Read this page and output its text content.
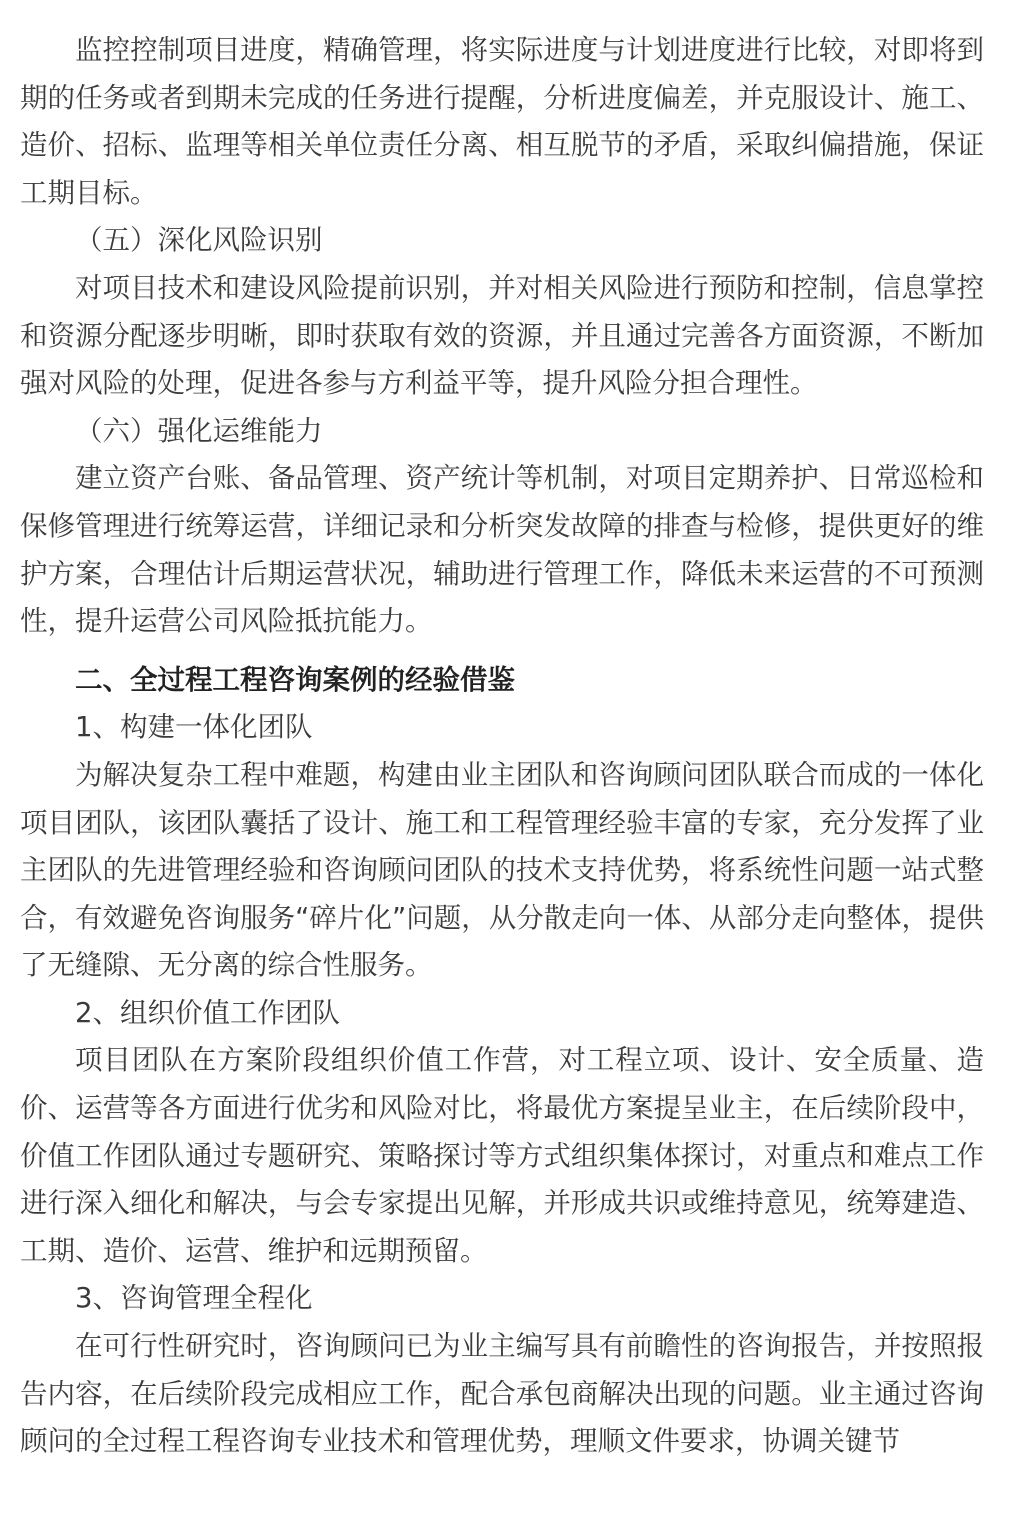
监控控制项目进度，精确管理，将实际进度与计划进度进行比较，对即将到期的任务或者到期未完成的任务进行提醒，分析进度偏差，并克服设计、施工、造价、招标、监理等相关单位责任分离、相互脱节的矛盾，采取纠偏措施，保证工期目标。

（五）深化风险识别

对项目技术和建设风险提前识别，并对相关风险进行预防和控制，信息掌控和资源分配逐步明晰，即时获取有效的资源，并且通过完善各方面资源，不断加强对风险的处理，促进各参与方利益平等，提升风险分担合理性。

（六）强化运维能力

建立资产台账、备品管理、资产统计等机制，对项目定期养护、日常巡检和保修管理进行统筹运营，详细记录和分析突发故障的排查与检修，提供更好的维护方案，合理估计后期运营状况，辅助进行管理工作，降低未来运营的不可预测性，提升运营公司风险抵抗能力。

二、全过程工程咨询案例的经验借鉴

1、构建一体化团队

为解决复杂工程中难题，构建由业主团队和咨询顾问团队联合而成的一体化项目团队，该团队囊括了设计、施工和工程管理经验丰富的专家，充分发挥了业主团队的先进管理经验和咨询顾问团队的技术支持优势，将系统性问题一站式整合，有效避免咨询服务“碎片化”问题，从分散走向一体、从部分走向整体，提供了无缝隙、无分离的综合性服务。

2、组织价值工作团队

项目团队在方案阶段组织价值工作营，对工程立项、设计、安全质量、造价、运营等各方面进行优劣和风险对比，将最优方案提呈业主，在后续阶段中，价值工作团队通过专题研究、策略探讨等方式组织集体探讨，对重点和难点工作进行深入细化和解决，与会专家提出见解，并形成共识或维持意见，统筹建造、工期、造价、运营、维护和远期预留。

3、咨询管理全程化

在可行性研究时，咨询顾问已为业主编写具有前瞻性的咨询报告，并按照报告内容，在后续阶段完成相应工作，配合承包商解决出现的问题。业主通过咨询顾问的全过程工程咨询专业技术和管理优势，理顺文件要求，协调关键节
